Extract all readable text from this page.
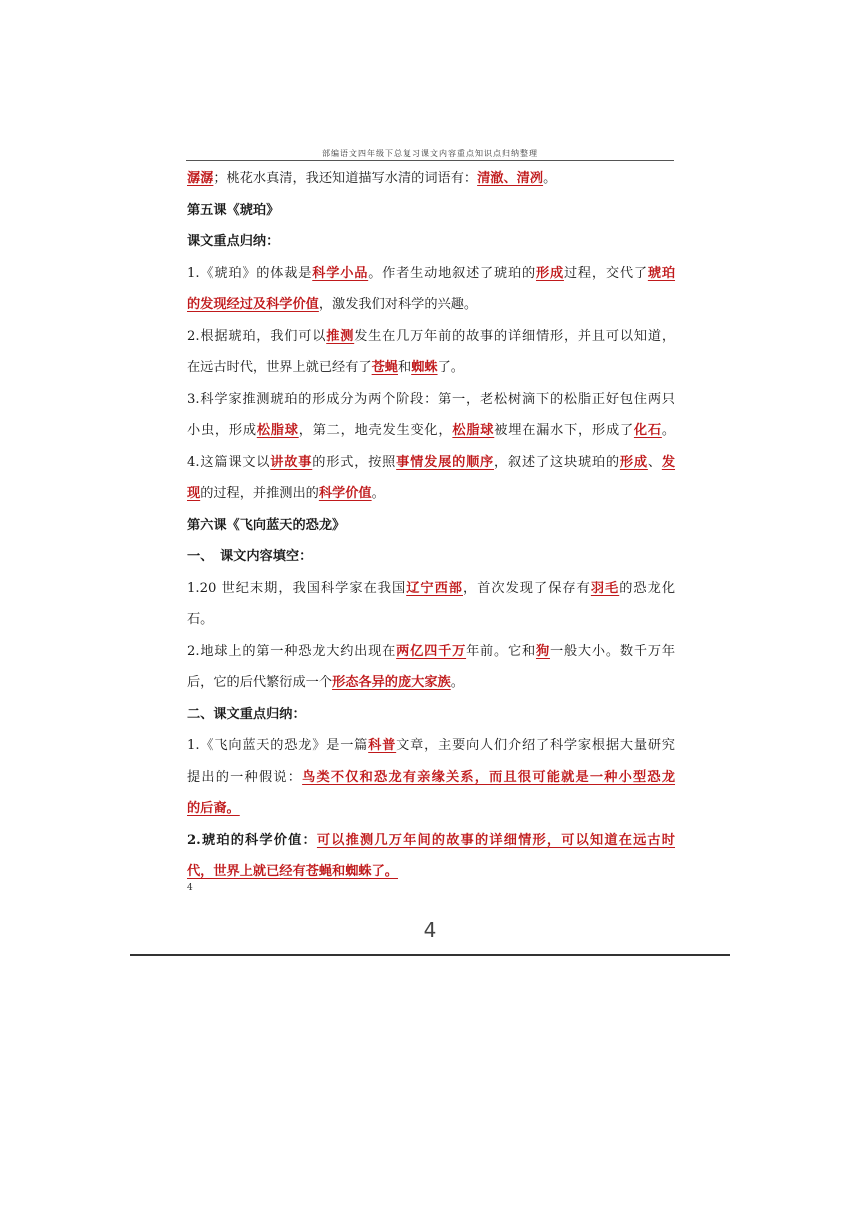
部编语文四年级下总复习课文内容重点知识点归纳整理
潺潺；桃花水真清，我还知道描写水清的词语有：清澈、清冽。
第五课《琥珀》
课文重点归纳：
1.《琥珀》的体裁是科学小品。作者生动地叙述了琥珀的形成过程，交代了琥珀
的发现经过及科学价值，激发我们对科学的兴趣。
2.根据琥珀，我们可以推测发生在几万年前的故事的详细情形，并且可以知道，
在远古时代，世界上就已经有了苍蝇和蜘蛛了。
3.科学家推测琥珀的形成分为两个阶段：第一，老松树滴下的松脂正好包住两只
小虫，形成松脂球，第二，地壳发生变化，松脂球被埋在漏水下，形成了化石。
4.这篇课文以讲故事的形式，按照事情发展的顺序，叙述了这块琥珀的形成、发
现的过程，并推测出的科学价值。
第六课《飞向蓝天的恐龙》
一、　课文内容填空：
1.20 世纪末期，我国科学家在我国辽宁西部，首次发现了保存有羽毛的恐龙化
石。
2.地球上的第一种恐龙大约出现在两亿四千万年前。它和狗一般大小。数千万年
后，它的后代繁衍成一个形态各异的庞大家族。
二、课文重点归纳：
1.《飞向蓝天的恐龙》是一篇科普文章，主要向人们介绍了科学家根据大量研究
提出的一种假说：鸟类不仅和恐龙有亲缘关系，而且很可能就是一种小型恐龙
的后裔。
2.琥珀的科学价值：可以推测几万年间的故事的详细情形，可以知道在远古时
代，世界上就已经有苍蝇和蜘蛛了。
4
4
